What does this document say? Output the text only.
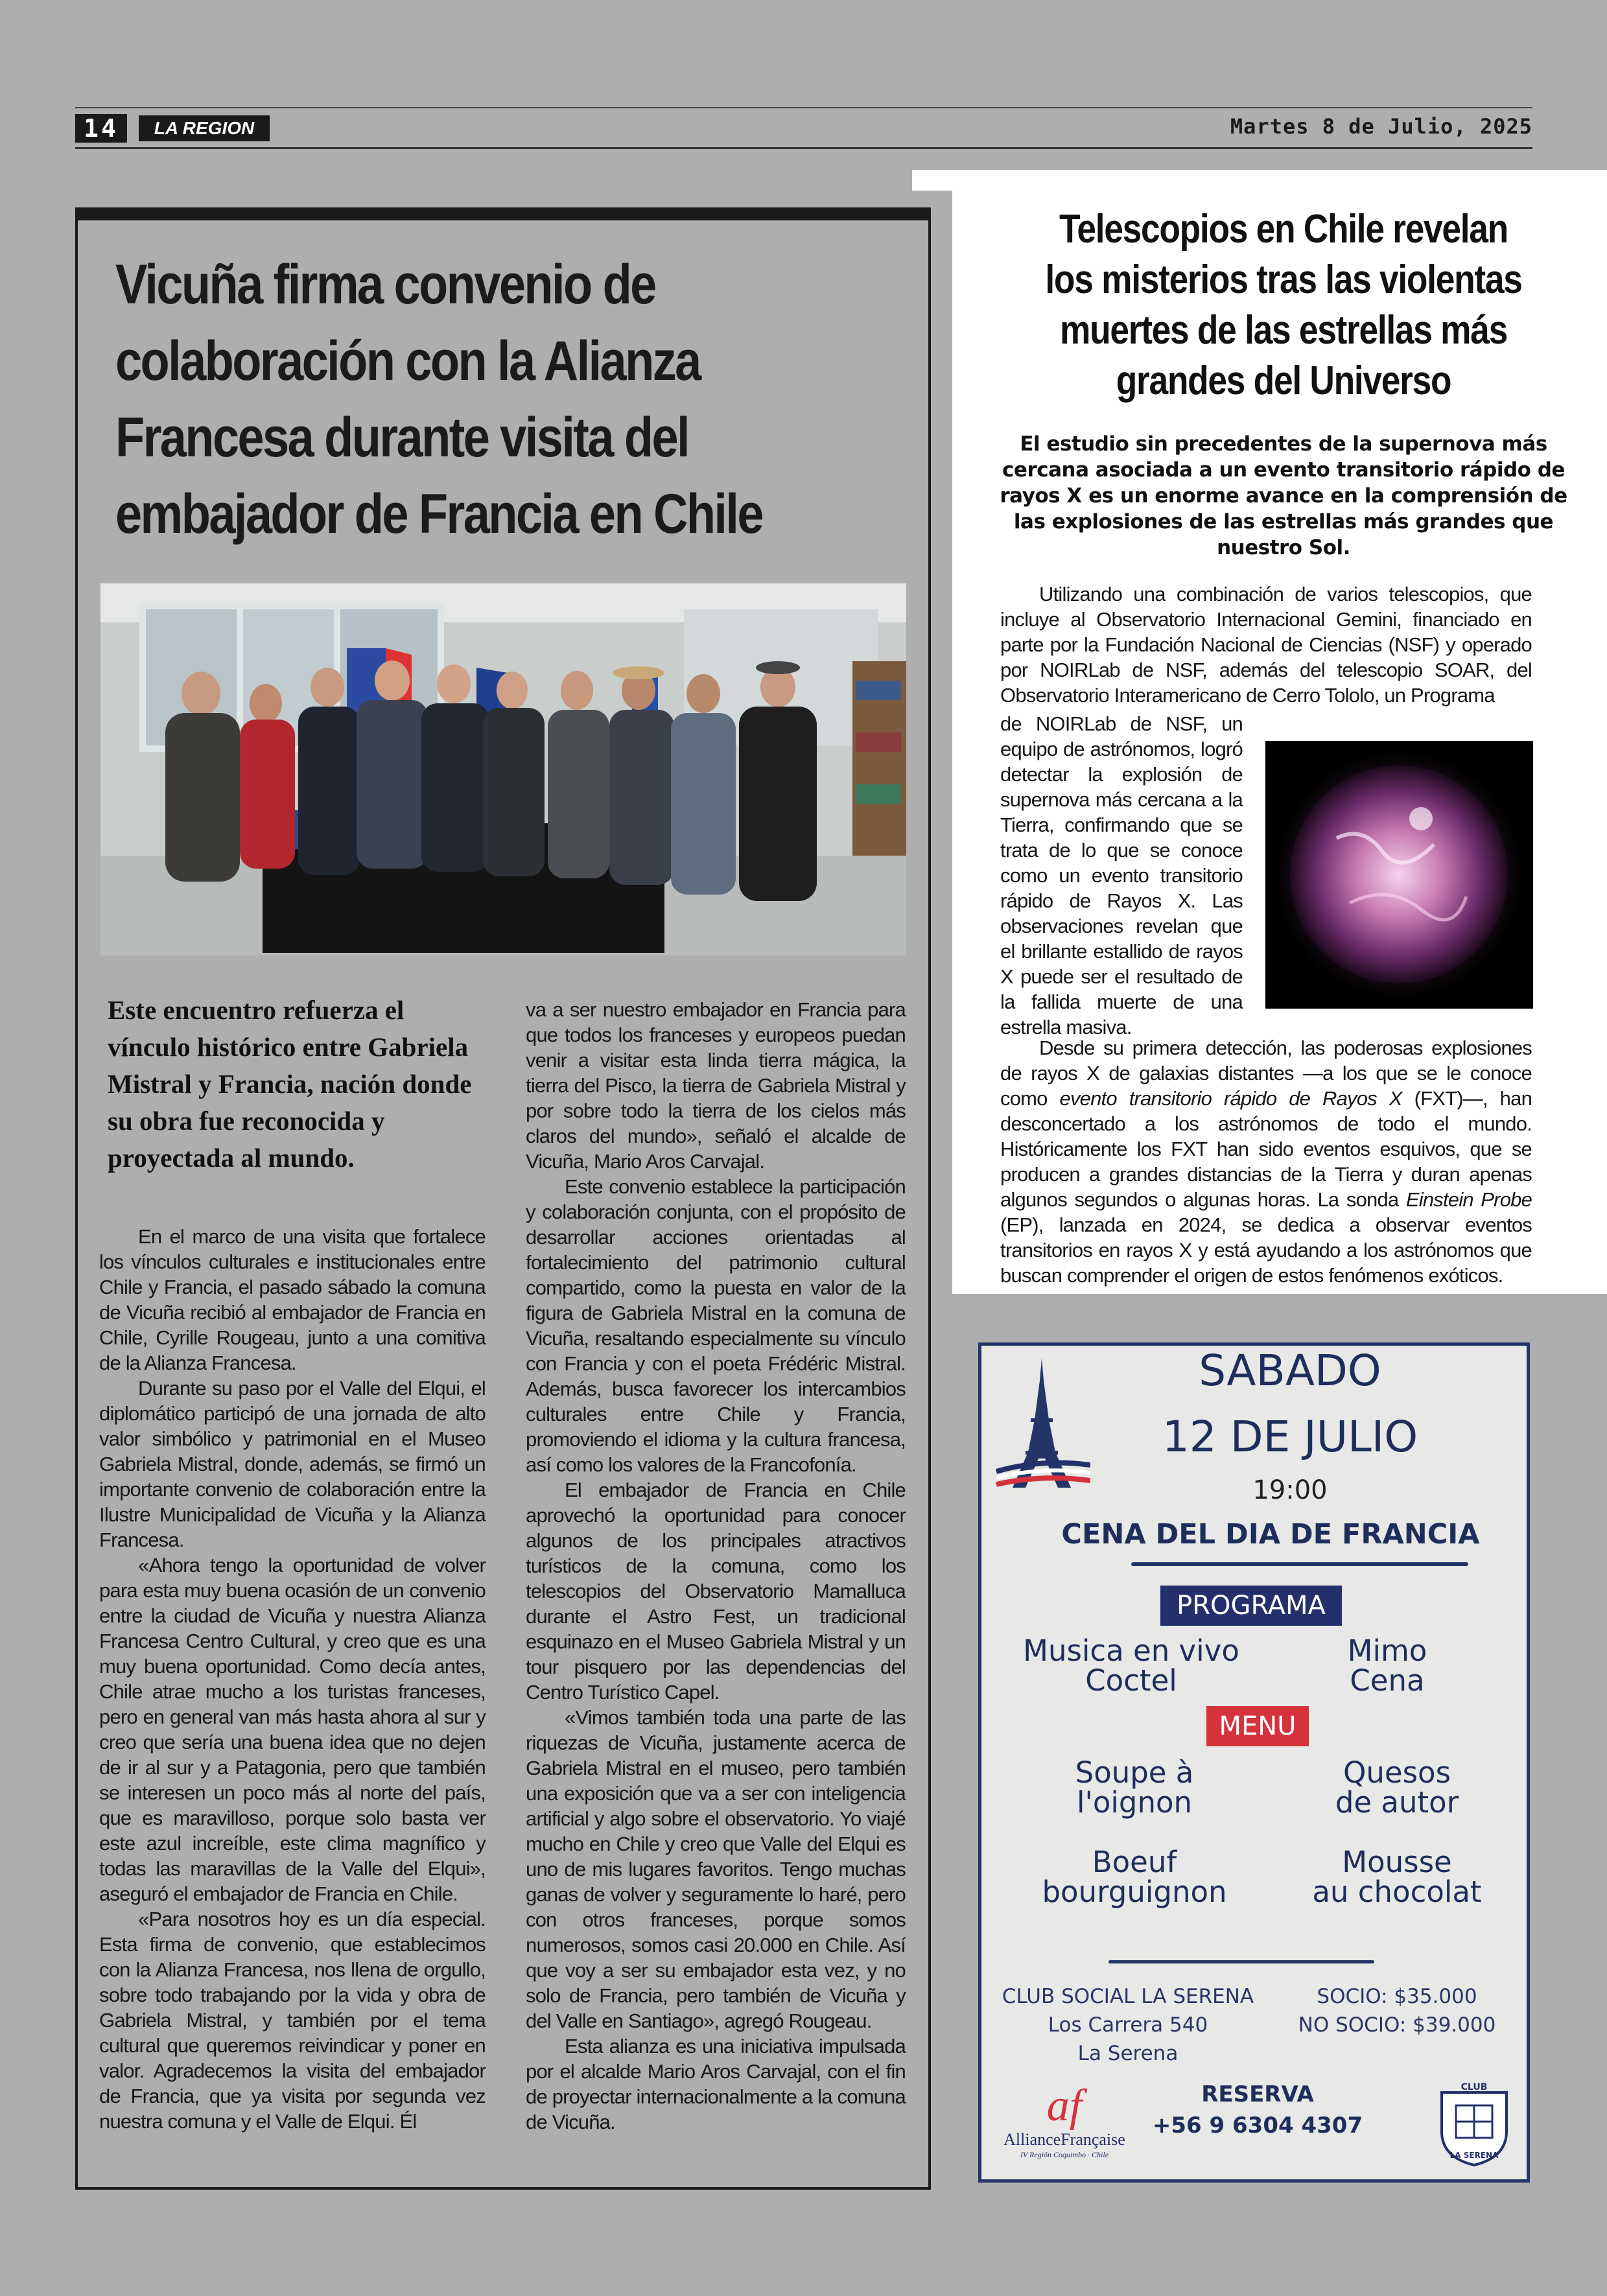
14	LA REGION	Martes 8 de Julio, 2025
Vicuña firma convenio de
colaboración con la Alianza
Francesa durante visita del
embajador de Francia en Chile
Este encuentro refuerza el vínculo histórico entre Gabriela Mistral y Francia, nación donde su obra fue reconocida y proyectada al mundo.

En el marco de una visita que fortalece los vínculos culturales e institucionales entre Chile y Francia, el pasado sábado la comuna de Vicuña recibió al embajador de Francia en Chile, Cyrille Rougeau, junto a una comitiva de la Alianza Francesa.

Durante su paso por el Valle del Elqui, el diplomático participó de una jornada de alto valor simbólico y patrimonial en el Museo Gabriela Mistral, donde, además, se firmó un importante convenio de colaboración entre la Ilustre Municipalidad de Vicuña y la Alianza Francesa.

«Ahora tengo la oportunidad de volver para esta muy buena ocasión de un convenio entre la ciudad de Vicuña y nuestra Alianza Francesa Centro Cultural, y creo que es una muy buena oportunidad. Como decía antes, Chile atrae mucho a los turistas franceses, pero en general van más hasta ahora al sur y creo que sería una buena idea que no dejen de ir al sur y a Patagonia, pero que también se interesen un poco más al norte del país, que es maravilloso, porque solo basta ver este azul increíble, este clima magnífico y todas las maravillas de la Valle del Elqui», aseguró el embajador de Francia en Chile.

«Para nosotros hoy es un día especial. Esta firma de convenio, que establecimos con la Alianza Francesa, nos llena de orgullo, sobre todo trabajando por la vida y obra de Gabriela Mistral, y también por el tema cultural que queremos reivindicar y poner en valor. Agradecemos la visita del embajador de Francia, que ya visita por segunda vez nuestra comuna y el Valle de Elqui. Él

va a ser nuestro embajador en Francia para que todos los franceses y europeos puedan venir a visitar esta linda tierra mágica, la tierra del Pisco, la tierra de Gabriela Mistral y por sobre todo la tierra de los cielos más claros del mundo», señaló el alcalde de Vicuña, Mario Aros Carvajal.

Este convenio establece la participación y colaboración conjunta, con el propósito de desarrollar acciones orientadas al fortalecimiento del patrimonio cultural compartido, como la puesta en valor de la figura de Gabriela Mistral en la comuna de Vicuña, resaltando especialmente su vínculo con Francia y con el poeta Frédéric Mistral. Además, busca favorecer los intercambios culturales entre Chile y Francia, promoviendo el idioma y la cultura francesa, así como los valores de la Francofonía.

El embajador de Francia en Chile aprovechó la oportunidad para conocer algunos de los principales atractivos turísticos de la comuna, como los telescopios del Observatorio Mamalluca durante el Astro Fest, un tradicional esquinazo en el Museo Gabriela Mistral y un tour pisquero por las dependencias del Centro Turístico Capel.

«Vimos también toda una parte de las riquezas de Vicuña, justamente acerca de Gabriela Mistral en el museo, pero también una exposición que va a ser con inteligencia artificial y algo sobre el observatorio. Yo viajé mucho en Chile y creo que Valle del Elqui es uno de mis lugares favoritos. Tengo muchas ganas de volver y seguramente lo haré, pero con otros franceses, porque somos numerosos, somos casi 20.000 en Chile. Así que voy a ser su embajador esta vez, y no solo de Francia, pero también de Vicuña y del Valle en Santiago», agregó Rougeau.

Esta alianza es una iniciativa impulsada por el alcalde Mario Aros Carvajal, con el fin de proyectar internacionalmente a la comuna de Vicuña.

Telescopios en Chile revelan
los misterios tras las violentas
muertes de las estrellas más
grandes del Universo
El estudio sin precedentes de la supernova más cercana asociada a un evento transitorio rápido de rayos X es un enorme avance en la comprensión de las explosiones de las estrellas más grandes que nuestro Sol.

Utilizando una combinación de varios telescopios, que incluye al Observatorio Internacional Gemini, financiado en parte por la Fundación Nacional de Ciencias (NSF) y operado por NOIRLab de NSF, además del telescopio SOAR, del Observatorio Interamericano de Cerro Tololo, un Programa

de NOIRLab de NSF, un equipo de astrónomos, logró detectar la explosión de supernova más cercana a la Tierra, confirmando que se trata de lo que se conoce como un evento transitorio rápido de Rayos X. Las observaciones revelan que el brillante estallido de rayos X puede ser el resultado de la fallida muerte de una estrella masiva.

Desde su primera detección, las poderosas explosiones de rayos X de galaxias distantes —a los que se le conoce como evento transitorio rápido de Rayos X (FXT)—, han desconcertado a los astrónomos de todo el mundo. Históricamente los FXT han sido eventos esquivos, que se producen a grandes distancias de la Tierra y duran apenas algunos segundos o algunas horas. La sonda Einstein Probe (EP), lanzada en 2024, se dedica a observar eventos transitorios en rayos X y está ayudando a los astrónomos que buscan comprender el origen de estos fenómenos exóticos.

SABADO
12 DE JULIO
19:00
CENA DEL DIA DE FRANCIA
PROGRAMA
Musica en vivo
Coctel
Mimo
Cena
MENU
Soupe à
l'oignon
Quesos
de autor
Boeuf
bourguignon
Mousse
au chocolat
CLUB SOCIAL LA SERENA
Los Carrera 540
La Serena
SOCIO: $35.000
NO SOCIO: $39.000
RESERVA
+56 9 6304 4307
af
AllianceFrançaise
IV Región Coquimbo · Chile
CLUB
LA SERENA
